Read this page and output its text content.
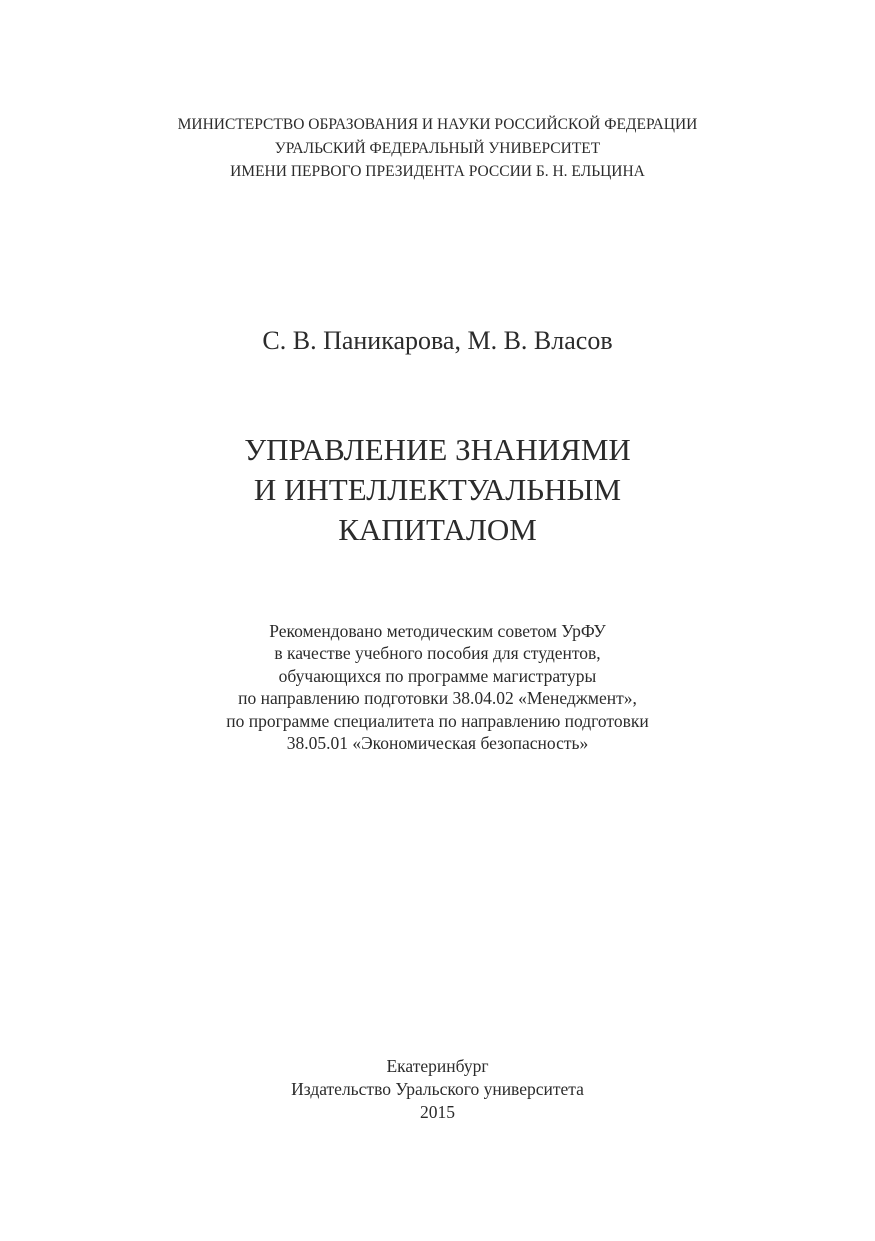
МИНИСТЕРСТВО ОБРАЗОВАНИЯ И НАУКИ РОССИЙСКОЙ ФЕДЕРАЦИИ
УРАЛЬСКИЙ ФЕДЕРАЛЬНЫЙ УНИВЕРСИТЕТ
ИМЕНИ ПЕРВОГО ПРЕЗИДЕНТА РОССИИ Б. Н. ЕЛЬЦИНА
С. В. Паникарова, М. В. Власов
УПРАВЛЕНИЕ ЗНАНИЯМИ
И ИНТЕЛЛЕКТУАЛЬНЫМ
КАПИТАЛОМ
Рекомендовано методическим советом УрФУ
в качестве учебного пособия для студентов,
обучающихся по программе магистратуры
по направлению подготовки 38.04.02 «Менеджмент»,
по программе специалитета по направлению подготовки
38.05.01 «Экономическая безопасность»
Екатеринбург
Издательство Уральского университета
2015
